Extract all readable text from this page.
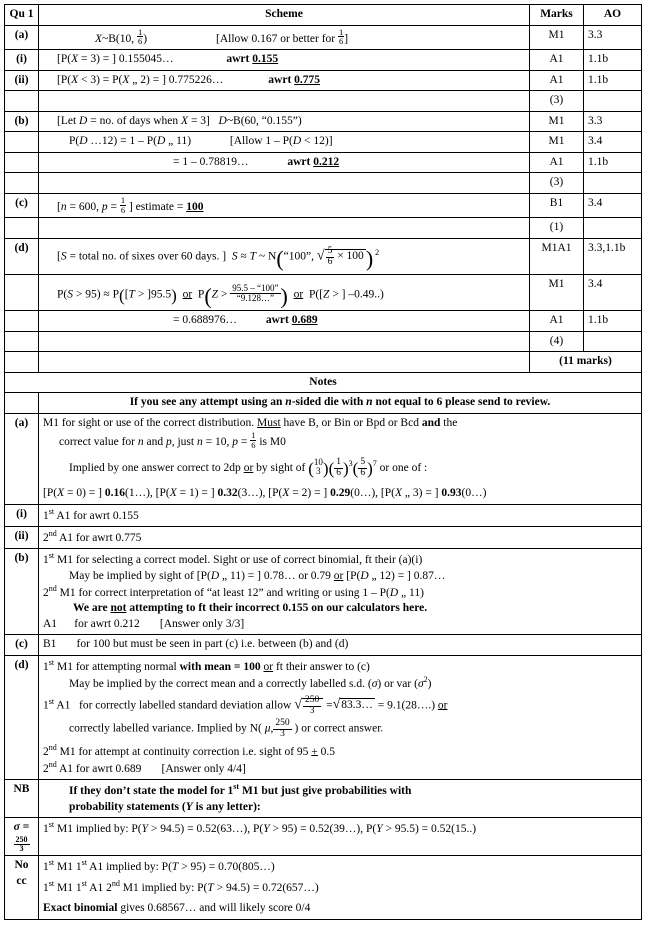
Qu 1	Scheme	Marks	AO
(a)	X~B(10, $\frac{1}{6}$ )	[Allow 0.167 or better for $\frac{1}{6}$ ]	M1	3.3
(i)	[P(X = 3) = ] 0.155045… awrt 0.155	A1	1.1b
(ii)	[P(X < 3) = P(X „ 2) = ] 0.775226… awrt 0.775	A1	1.1b
		(3)	
(b)	[Let D = no. of days when X = 3]   D~B(60, “0.155”)	M1	3.3
	P(D …12) = 1 – P(D „ 11) [Allow 1 – P(D < 12)]	M1	3.4
	= 1 – 0.78819… awrt 0.212	A1	1.1b
		(3)	
(c)	[n = 600, $p = \frac{1}{6}$ ] estimate = 100	B1	3.4
		(1)	
(d)	[S = total no. of sixes over 60 days. ]  S ≈ T ~ N(“100”, √ $\frac{5}{6} \times 100$) $^2$	M1A1	3.3,1.1b
	P(S > 95) ≈ P([T > ]95.5) or  $P(Z > \frac{95.5 - “100”}{“9.128\dots”}$ ) or  P([Z > ] –0.49..)	M1	3.4
	= 0.688976… awrt 0.689	A1	1.1b
		(4)	
		(11 marks)	
Notes			
	If you see any attempt using an n-sided die with n not equal to 6 please send to review.		
(a)	M1 for sight or use of the correct distribution. Must have B, or Bin or Bpd or Bcd and the
correct value for n and p, just n = 10, $p = \frac{1}{6}$ is M0
Implied by one answer correct to 2dp or by sight of ( 10
3 )( $\frac{1}{6} )^3( \frac{5}{6} )^7$ or one of :
[P(X = 0) = ] 0.16(1…), [P(X = 1) = ] 0.32(3…), [P(X = 2) = ] 0.29(0…), [P(X „ 3) = ] 0.93(0…)

(i)	1st A1 for awrt 0.155		
(ii)	2nd A1 for awrt 0.775		
(b)	1st M1 for selecting a correct model. Sight or use of correct binomial, ft their (a)(i)
May be implied by sight of [P(D „ 11) = ] 0.78… or 0.79 or [P(D „ 12) = ] 0.87…
2nd M1 for correct interpretation of “at least 12” and writing or using 1 – P(D „ 11)
We are not attempting to ft their incorrect 0.155 on our calculators here.
A1      for awrt 0.212       [Answer only 3/3]		

(c)	B1       for 100 but must be seen in part (c) i.e. between (b) and (d)		
(d)	1st M1 for attempting normal with mean = 100 or ft their answer to (c)
May be implied by the correct mean and a correctly labelled s.d. (σ) or var $(\sigma^2)$
1st A1   for correctly labelled standard deviation allow √ $\frac{250}{3}$ =√83.3… = 9.1(28….) or
correctly labelled variance. Implied by N( μ, $\frac{250}{3}$ ) or correct answer.
2nd M1 for attempt at continuity correction i.e. sight of 95 + 0.5
2nd A1 for awrt 0.689       [Answer only 4/4]

NB	If they don’t state the model for 1st M1 but just give probabilities with
probability statements (Y is any letter):		

σ =
$\frac{250}{3}$	1st M1 implied by: P(Y > 94.5) = 0.52(63…), P(Y > 95) = 0.52(39…), P(Y > 95.5) = 0.52(15..)		
No cc	1st M1 1st A1 implied by: P(T > 95) = 0.70(805…)
1st M1 1st A1 2nd M1 implied by: P(T > 94.5) = 0.72(657…)
Exact binomial gives 0.68567… and will likely score 0/4		
